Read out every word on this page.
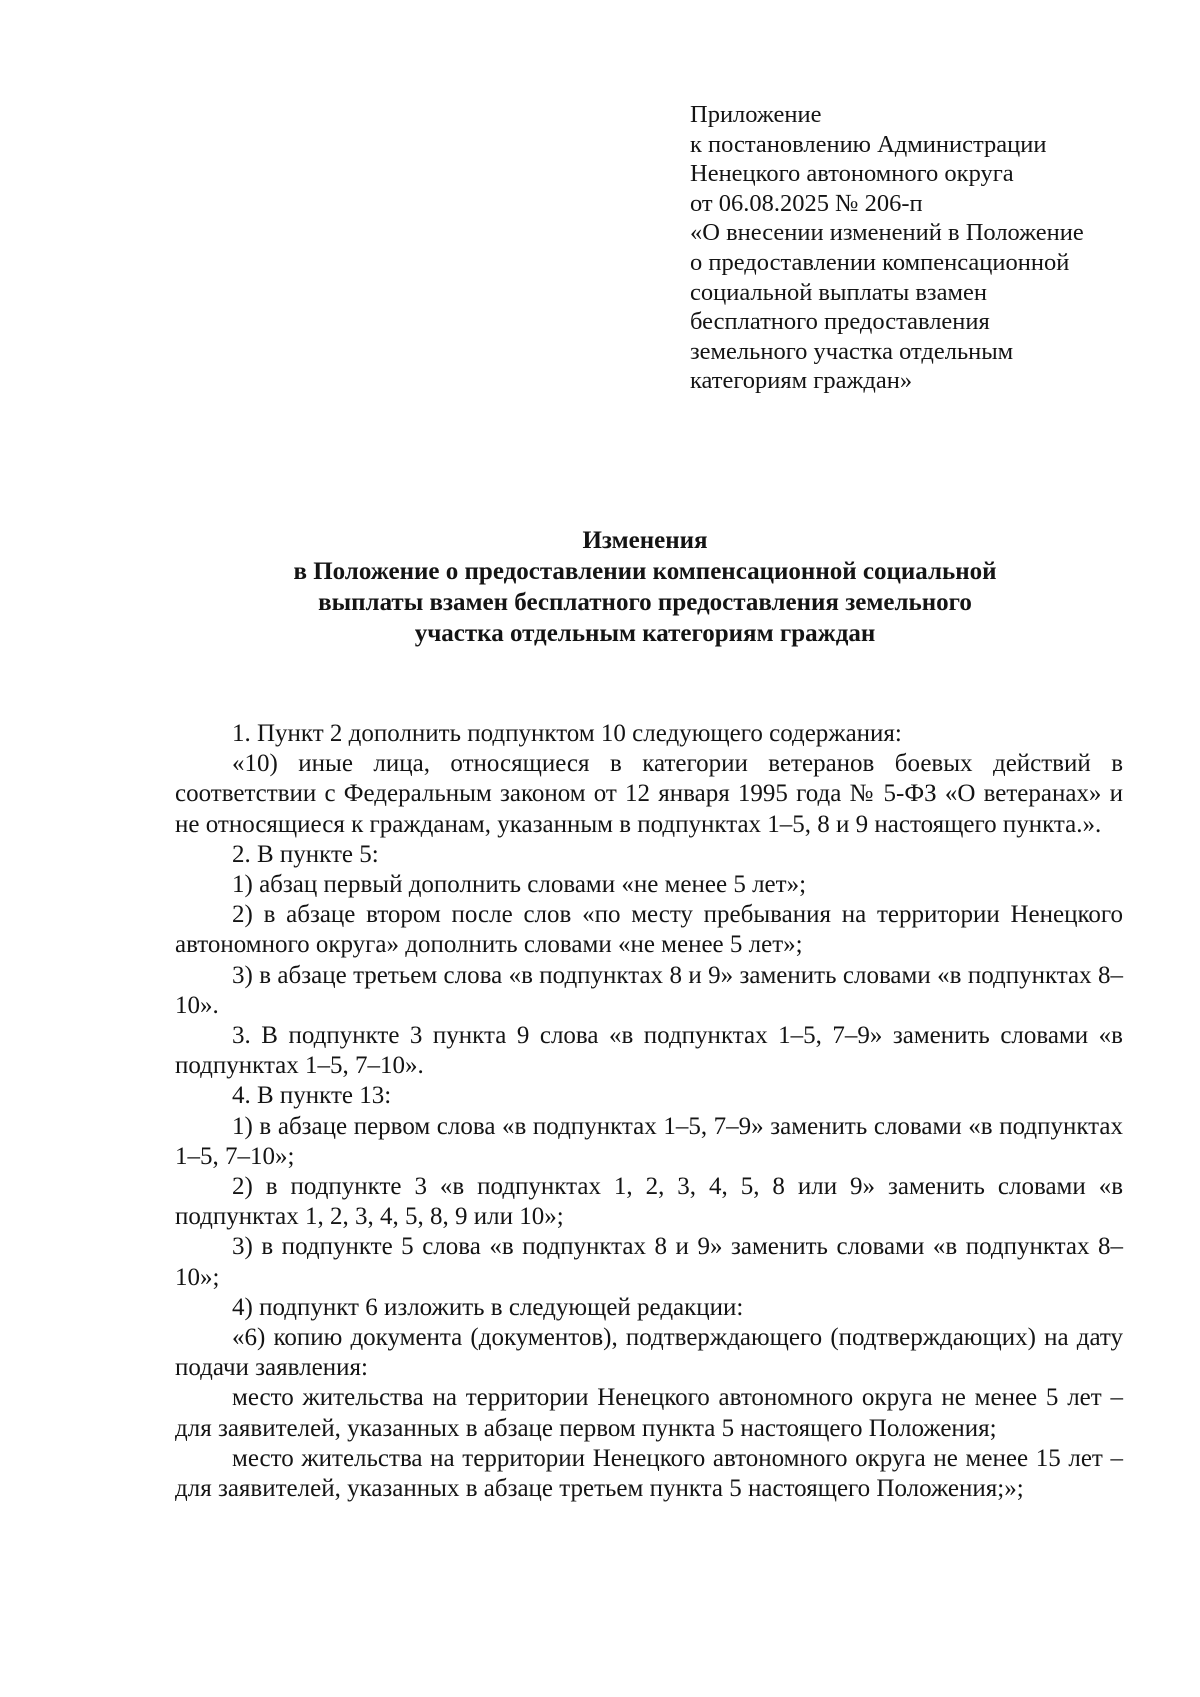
Приложение
к постановлению Администрации
Ненецкого автономного округа
от 06.08.2025 № 206-п
«О внесении изменений в Положение
о предоставлении компенсационной
социальной выплаты взамен
бесплатного предоставления
земельного участка отдельным
категориям граждан»
Изменения
в Положение о предоставлении компенсационной социальной
выплаты взамен бесплатного предоставления земельного
участка отдельным категориям граждан

1. Пункт 2 дополнить подпунктом 10 следующего содержания:

«10) иные лица, относящиеся в категории ветеранов боевых действий в соответствии с Федеральным законом от 12 января 1995 года № 5-ФЗ «О ветеранах» и не относящиеся к гражданам, указанным в подпунктах 1–5, 8 и 9 настоящего пункта.».

2. В пункте 5:

1) абзац первый дополнить словами «не менее 5 лет»;

2) в абзаце втором после слов «по месту пребывания на территории Ненецкого автономного округа» дополнить словами «не менее 5 лет»;

3) в абзаце третьем слова «в подпунктах 8 и 9» заменить словами «в подпунктах 8–10».

3. В подпункте 3 пункта 9 слова «в подпунктах 1–5, 7–9» заменить словами «в подпунктах 1–5, 7–10».

4. В пункте 13:

1) в абзаце первом слова «в подпунктах 1–5, 7–9» заменить словами «в подпунктах 1–5, 7–10»;

2) в подпункте 3 «в подпунктах 1, 2, 3, 4, 5, 8 или 9» заменить словами «в подпунктах 1, 2, 3, 4, 5, 8, 9 или 10»;

3) в подпункте 5 слова «в подпунктах 8 и 9» заменить словами «в подпунктах 8–10»;

4) подпункт 6 изложить в следующей редакции:

«6) копию документа (документов), подтверждающего (подтверждающих) на дату подачи заявления:

место жительства на территории Ненецкого автономного округа не менее 5 лет – для заявителей, указанных в абзаце первом пункта 5 настоящего Положения;

место жительства на территории Ненецкого автономного округа не менее 15 лет – для заявителей, указанных в абзаце третьем пункта 5 настоящего Положения;»;
